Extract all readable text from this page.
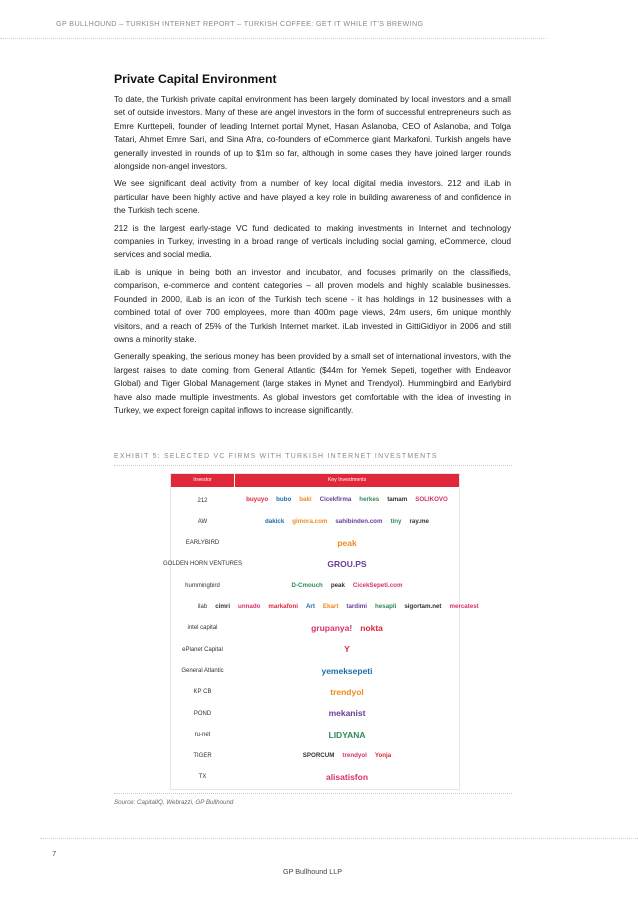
GP BULLHOUND – TURKISH INTERNET REPORT – TURKISH COFFEE: GET IT WHILE IT’S BREWING
Private Capital Environment

To date, the Turkish private capital environment has been largely dominated by local investors and a small set of outside investors. Many of these are angel investors in the form of successful entrepreneurs such as Emre Kurttepeli, founder of leading Internet portal Mynet, Hasan Aslanoba, CEO of Aslanoba, and Tolga Tatari, Ahmet Emre Sari, and Sina Afra, co-founders of eCommerce giant Markafoni. Turkish angels have generally invested in rounds of up to $1m so far, although in some cases they have joined larger rounds alongside non-angel investors.

We see significant deal activity from a number of key local digital media investors. 212 and iLab in particular have been highly active and have played a key role in building awareness of and confidence in the Turkish tech scene.

212 is the largest early-stage VC fund dedicated to making investments in Internet and technology companies in Turkey, investing in a broad range of verticals including social gaming, eCommerce, cloud services and social media.

iLab is unique in being both an investor and incubator, and focuses primarily on the classifieds, comparison, e-commerce and content categories – all proven models and highly scalable businesses. Founded in 2000, iLab is an icon of the Turkish tech scene - it has holdings in 12 businesses with a combined total of over 700 employees, more than 400m page views, 24m users, 6m unique monthly visitors, and a reach of 25% of the Turkish Internet market. iLab invested in GittiGidiyor in 2006 and still owns a minority stake.

Generally speaking, the serious money has been provided by a small set of international investors, with the largest raises to date coming from General Atlantic ($44m for Yemek Sepeti, together with Endeavor Global) and Tiger Global Management (large stakes in Mynet and Trendyol). Hummingbird and Earlybird have also made multiple investments. As global investors get comfortable with the idea of investing in Turkey, we expect foreign capital inflows to increase significantly.

EXHIBIT 5: SELECTED VC FIRMS WITH TURKISH INTERNET INVESTMENTS
Investor	Key Investments
212	buyuyo	bubo	baki	Cicekfirma	herkes	tamam	SOLIKOVO
AW	dakick	gimora.com	sahibinden.com	tiny	ray.me
EARLYBIRD	peak
GOLDEN HORN VENTURES	GROU.PS
hummingbird	D-Cmouch	peak	CicekSepeti.com
ilab	cimri	unnado	markafoni	Art	Ekart	tardimi	hesapli	sigortam.net	mercatest
intel capital	grupanya! nokta
ePlanet Capital	Y
General Atlantic	yemeksepeti
KP CB	trendyol
POND	mekanist
ru-net	LIDYANA
TIGER	SPORCUM	trendyol	Yonja
TX	alisatisfon
Source: CapitalIQ, Webrazzi, GP Bullhound
7
GP Bullhound LLP
